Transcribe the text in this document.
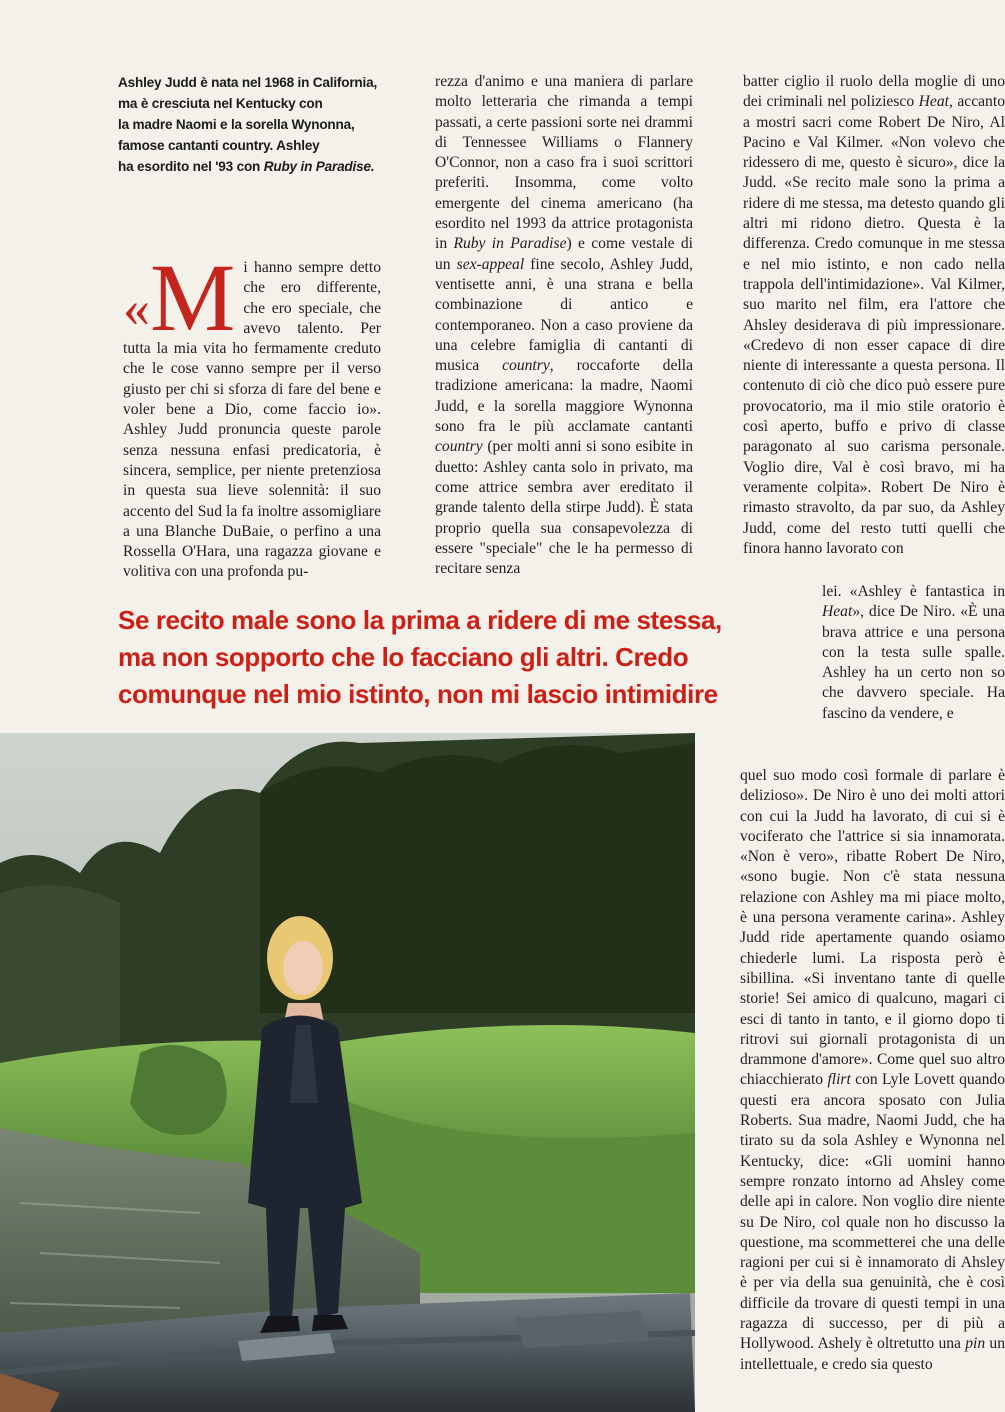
Ashley Judd è nata nel 1968 in California,
ma è cresciuta nel Kentucky con
la madre Naomi e la sorella Wynonna,
famose cantanti country. Ashley
ha esordito nel '93 con Ruby in Paradise.
«M i hanno sempre detto che ero differente, che ero speciale, che avevo talento. Per tutta la mia vita ho fermamente creduto che le cose vanno sempre per il verso giusto per chi si sforza di fare del bene e voler bene a Dio, come faccio io». Ashley Judd pronuncia queste parole senza nessuna enfasi predicatoria, è sincera, semplice, per niente pretenziosa in questa sua lieve solennità: il suo accento del Sud la fa inoltre assomigliare a una Blanche DuBaie, o perfino a una Rossella O'Hara, una ragazza giovane e volitiva con una profonda pu-

rezza d'animo e una maniera di parlare molto letteraria che rimanda a tempi passati, a certe passioni sorte nei drammi di Tennessee Williams o Flannery O'Connor, non a caso fra i suoi scrittori preferiti. Insomma, come volto emergente del cinema americano (ha esordito nel 1993 da attrice protagonista in Ruby in Paradise) e come vestale di un sex-appeal fine secolo, Ashley Judd, ventisette anni, è una strana e bella combinazione di antico e contemporaneo. Non a caso proviene da una celebre famiglia di cantanti di musica country, roccaforte della tradizione americana: la madre, Naomi Judd, e la sorella maggiore Wynonna sono fra le più acclamate cantanti country (per molti anni si sono esibite in duetto: Ashley canta solo in privato, ma come attrice sembra aver ereditato il grande talento della stirpe Judd). È stata proprio quella sua consapevolezza di essere "speciale" che le ha permesso di recitare senza

batter ciglio il ruolo della moglie di uno dei criminali nel poliziesco Heat, accanto a mostri sacri come Robert De Niro, Al Pacino e Val Kilmer. «Non volevo che ridessero di me, questo è sicuro», dice la Judd. «Se recito male sono la prima a ridere di me stessa, ma detesto quando gli altri mi ridono dietro. Questa è la differenza. Credo comunque in me stessa e nel mio istinto, e non cado nella trappola dell'intimidazione». Val Kilmer, suo marito nel film, era l'attore che Ahsley desiderava di più impressionare. «Credevo di non esser capace di dire niente di interessante a questa persona. Il contenuto di ciò che dico può essere pure provocatorio, ma il mio stile oratorio è così aperto, buffo e privo di classe paragonato al suo carisma personale. Voglio dire, Val è così bravo, mi ha veramente colpita». Robert De Niro è rimasto stravolto, da par suo, da Ashley Judd, come del resto tutti quelli che finora hanno lavorato con

lei. «Ashley è fantastica in Heat», dice De Niro. «È una brava attrice e una persona con la testa sulle spalle. Ashley ha un certo non so che davvero speciale. Ha fascino da vendere, e

Se recito male sono la prima a ridere di me stessa,

ma non sopporto che lo facciano gli altri. Credo

comunque nel mio istinto, non mi lascio intimidire

quel suo modo così formale di parlare è delizioso». De Niro è uno dei molti attori con cui la Judd ha lavorato, di cui si è vociferato che l'attrice si sia innamorata. «Non è vero», ribatte Robert De Niro, «sono bugie. Non c'è stata nessuna relazione con Ashley ma mi piace molto, è una persona veramente carina». Ashley Judd ride apertamente quando osiamo chiederle lumi. La risposta però è sibillina. «Si inventano tante di quelle storie! Sei amico di qualcuno, magari ci esci di tanto in tanto, e il giorno dopo ti ritrovi sui giornali protagonista di un drammone d'amore». Come quel suo altro chiacchierato flirt con Lyle Lovett quando questi era ancora sposato con Julia Roberts. Sua madre, Naomi Judd, che ha tirato su da sola Ashley e Wynonna nel Kentucky, dice: «Gli uomini hanno sempre ronzato intorno ad Ahsley come delle api in calore. Non voglio dire niente su De Niro, col quale non ho discusso la questione, ma scommetterei che una delle ragioni per cui si è innamorato di Ahsley è per via della sua genuinità, che è così difficile da trovare di questi tempi in una ragazza di successo, per di più a Hollywood. Ashely è oltretutto una pin un intellettuale, e credo sia questo
